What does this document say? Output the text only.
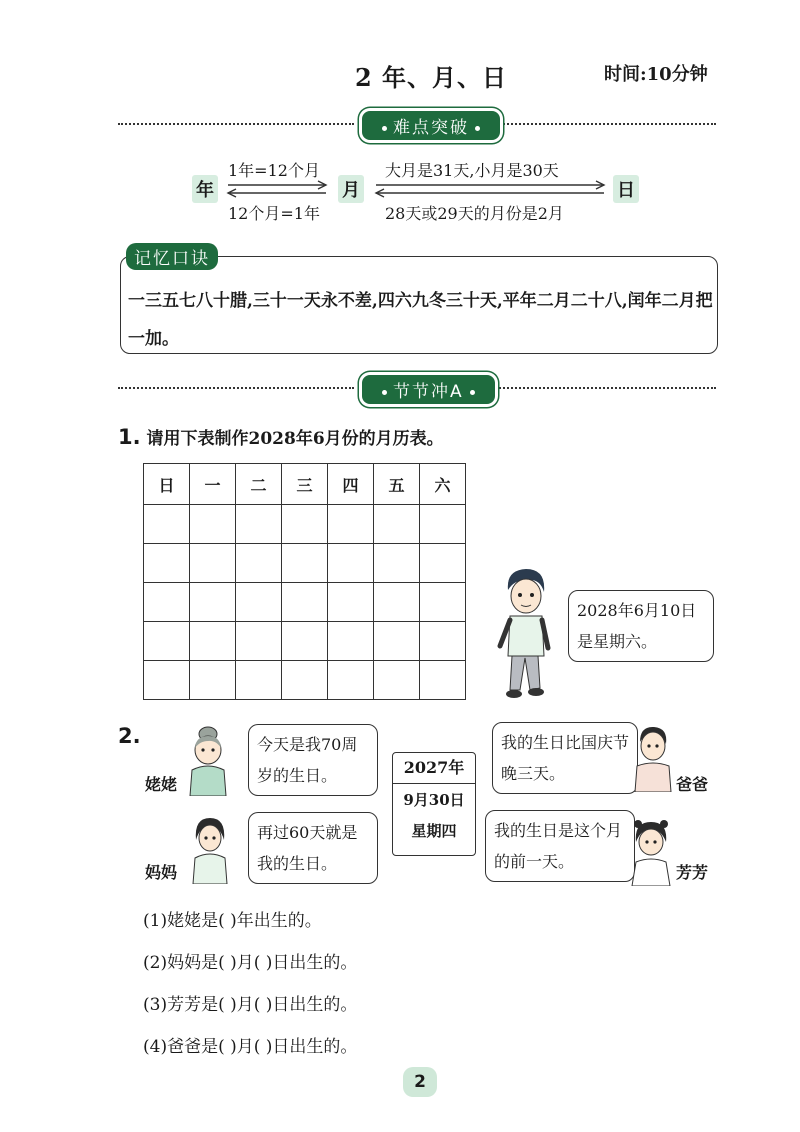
2 年、月、日	时间:10分钟
难点突破
年	月	日
1年=12个月
12个月=1年
大月是31天,小月是30天
28天或29天的月份是2月
记忆口诀
一三五七八十腊,三十一天永不差,四六九冬三十天,平年二月二十八,闰年二月把一加。
节节冲A
1. 请用下表制作2028年6月份的月历表。
日	一	二	三	四	五	六

2028年6月10日是星期六。
2.
姥姥
今天是我70周岁的生日。
妈妈
再过60天就是我的生日。
2027年
9月30日
星期四
我的生日比国庆节晚三天。
爸爸
我的生日是这个月的前一天。
芳芳
(1)姥姥是( )年出生的。
(2)妈妈是( )月( )日出生的。
(3)芳芳是( )月( )日出生的。
(4)爸爸是( )月( )日出生的。
2
